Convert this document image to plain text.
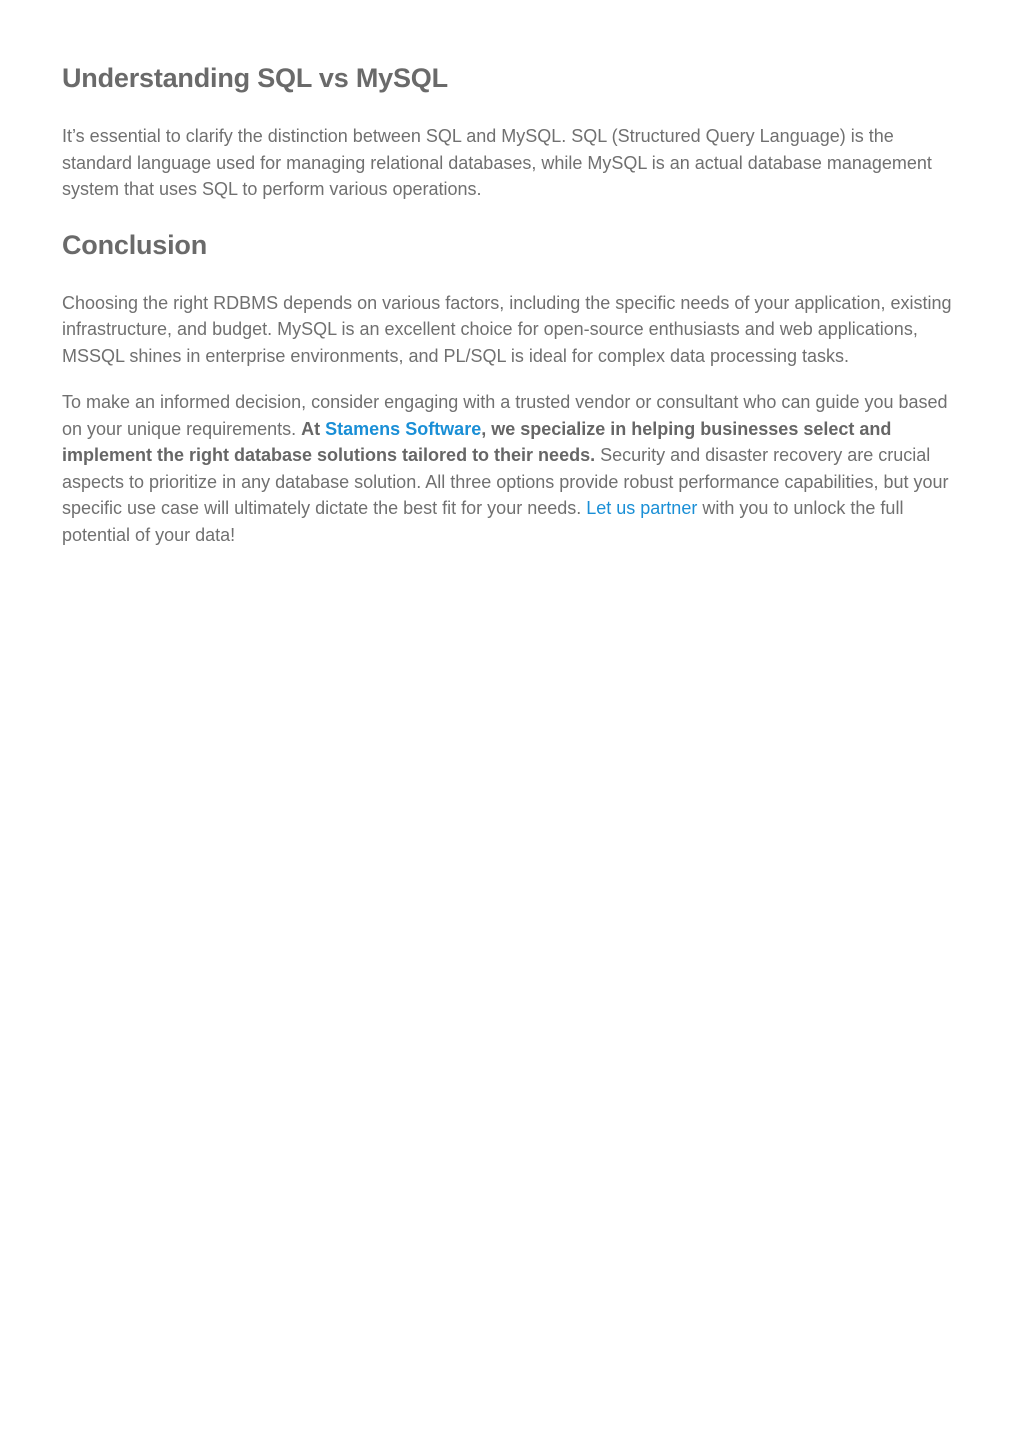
Understanding SQL vs MySQL

It’s essential to clarify the distinction between SQL and MySQL. SQL (Structured Query Language) is the standard language used for managing relational databases, while MySQL is an actual database management system that uses SQL to perform various operations.

Conclusion

Choosing the right RDBMS depends on various factors, including the specific needs of your application, existing infrastructure, and budget. MySQL is an excellent choice for open-source enthusiasts and web applications, MSSQL shines in enterprise environments, and PL/SQL is ideal for complex data processing tasks.

To make an informed decision, consider engaging with a trusted vendor or consultant who can guide you based on your unique requirements. At Stamens Software, we specialize in helping businesses select and implement the right database solutions tailored to their needs. Security and disaster recovery are crucial aspects to prioritize in any database solution. All three options provide robust performance capabilities, but your specific use case will ultimately dictate the best fit for your needs. Let us partner with you to unlock the full potential of your data!
